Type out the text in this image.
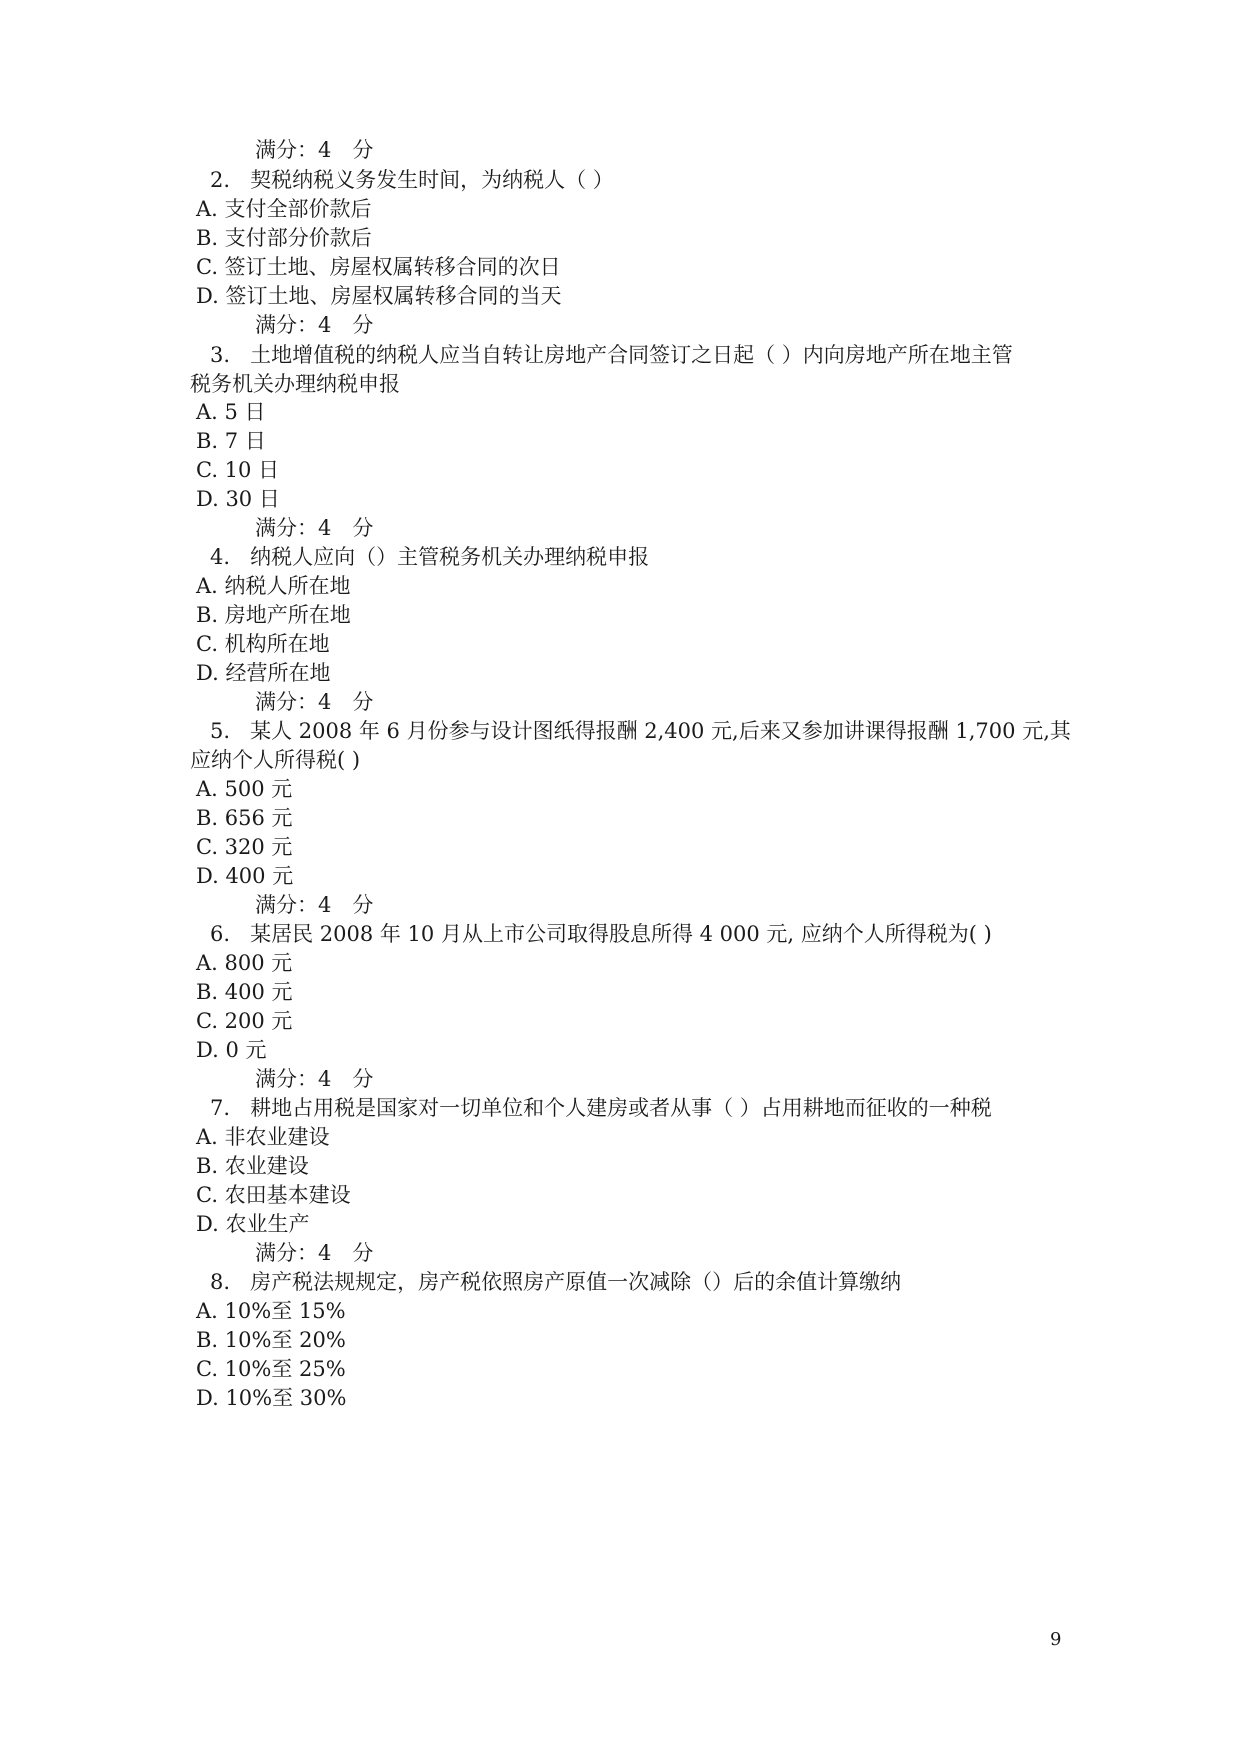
满分：4　分
2. 契税纳税义务发生时间，为纳税人（ ）
A. 支付全部价款后
B. 支付部分价款后
C. 签订土地、房屋权属转移合同的次日
D. 签订土地、房屋权属转移合同的当天
满分：4　分
3. 土地增值税的纳税人应当自转让房地产合同签订之日起（ ）内向房地产所在地主管
税务机关办理纳税申报
A. 5 日
B. 7 日
C. 10 日
D. 30 日
满分：4　分
4. 纳税人应向（）主管税务机关办理纳税申报
A. 纳税人所在地
B. 房地产所在地
C. 机构所在地
D. 经营所在地
满分：4　分
5. 某人 2008 年 6 月份参与设计图纸得报酬 2,400 元,后来又参加讲课得报酬 1,700 元,其
应纳个人所得税( )
A. 500 元
B. 656 元
C. 320 元
D. 400 元
满分：4　分
6. 某居民 2008 年 10 月从上市公司取得股息所得 4 000 元, 应纳个人所得税为( )
A. 800 元
B. 400 元
C. 200 元
D. 0 元
满分：4　分
7. 耕地占用税是国家对一切单位和个人建房或者从事（ ）占用耕地而征收的一种税
A. 非农业建设
B. 农业建设
C. 农田基本建设
D. 农业生产
满分：4　分
8. 房产税法规规定，房产税依照房产原值一次减除（）后的余值计算缴纳
A. 10%至 15%
B. 10%至 20%
C. 10%至 25%
D. 10%至 30%
9
